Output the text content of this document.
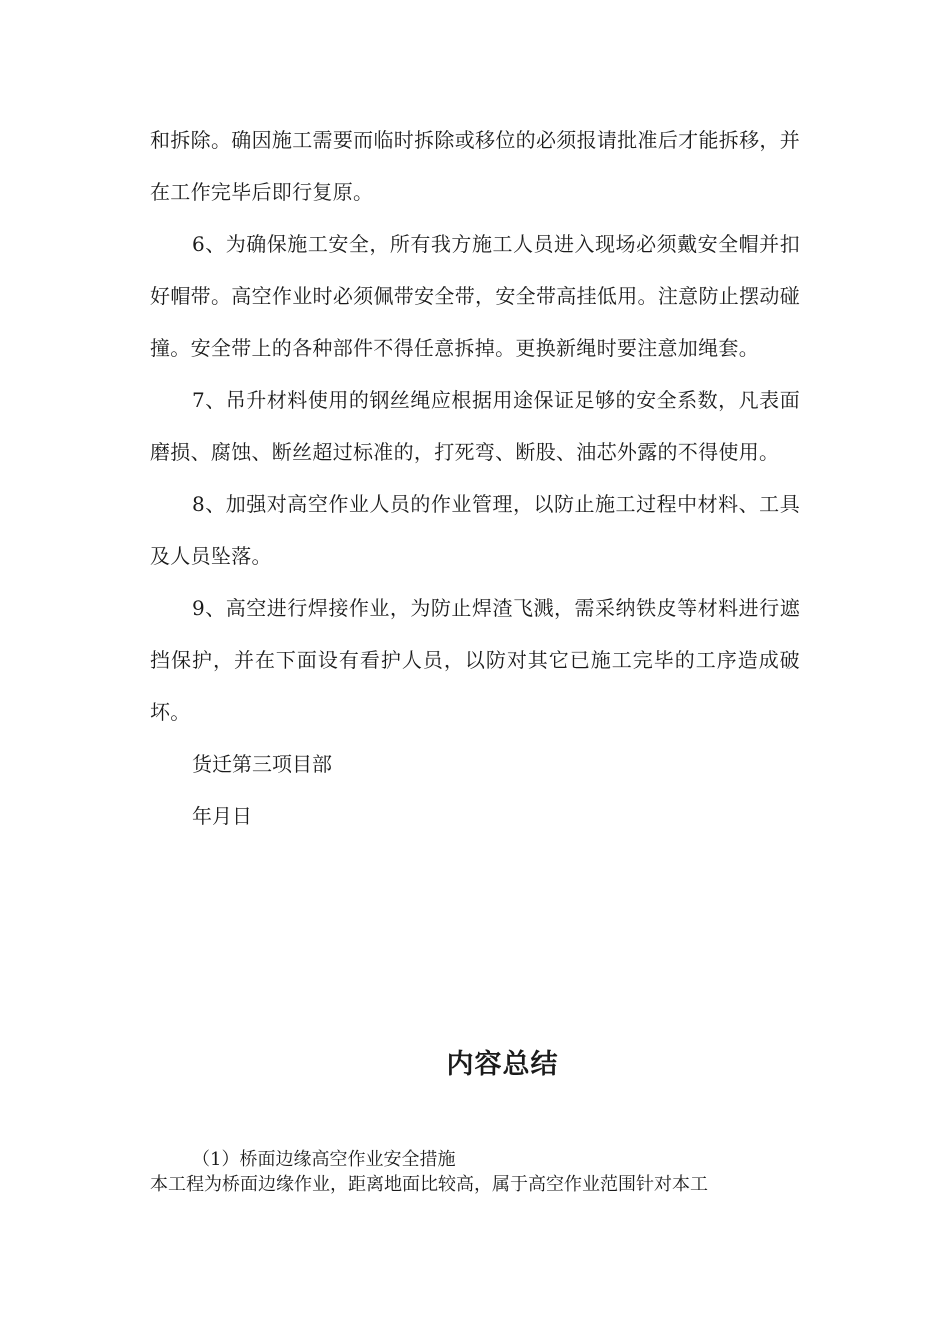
和拆除。确因施工需要而临时拆除或移位的必须报请批准后才能拆移，并在工作完毕后即行复原。

6、为确保施工安全，所有我方施工人员进入现场必须戴安全帽并扣好帽带。高空作业时必须佩带安全带，安全带高挂低用。注意防止摆动碰撞。安全带上的各种部件不得任意拆掉。更换新绳时要注意加绳套。

7、吊升材料使用的钢丝绳应根据用途保证足够的安全系数，凡表面磨损、腐蚀、断丝超过标准的，打死弯、断股、油芯外露的不得使用。

8、加强对高空作业人员的作业管理，以防止施工过程中材料、工具及人员坠落。

9、高空进行焊接作业，为防止焊渣飞溅，需采纳铁皮等材料进行遮挡保护，并在下面设有看护人员，以防对其它已施工完毕的工序造成破坏。

货迁第三项目部

年月日

内容总结

（1）桥面边缘高空作业安全措施

本工程为桥面边缘作业，距离地面比较高，属于高空作业范围针对本工
